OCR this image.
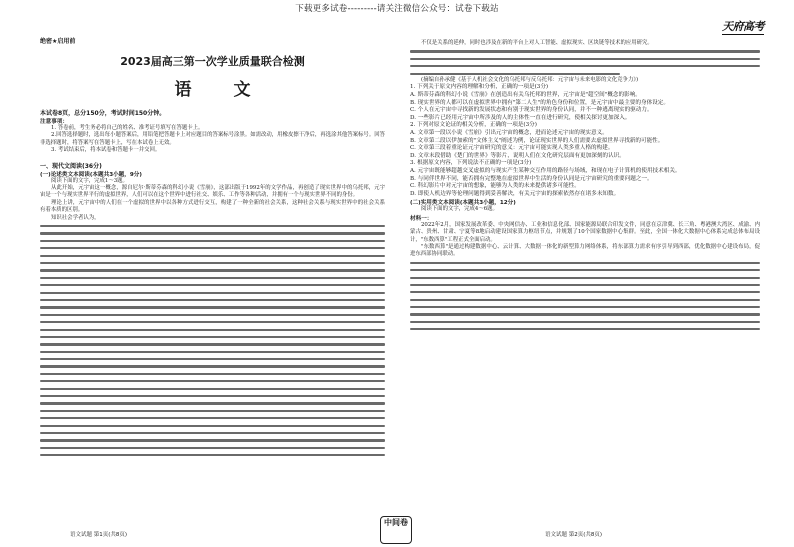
下载更多试卷---------请关注微信公众号：试卷下载站
天府高考
绝密★启用前
2023届高三第一次学业质量联合检测
语 文
本试卷8页，总分150分，考试时间150分钟。
注意事项：

1. 答卷前，考生务必将自己的姓名、准考证号填写在答题卡上。

2.回答选择题时，选出每小题答案后，用铅笔把答题卡上对应题目的答案标号涂黑。如需改动，用橡皮擦干净后，再选涂其他答案标号。回答非选择题时，将答案写在答题卡上，写在本试卷上无效。

3. 考试结束后，将本试卷和答题卡一并交回。

一、现代文阅读(36分)
(一)论述类文本阅读(本题共3小题，9分)

阅读下面的文字，完成1～3题。

从此开始，元宇宙这一概念，源自尼尔·斯蒂芬森的科幻小说《雪崩》，这部出版于1992年的文学作品，再创造了现实世界中的乌托邦，元宇宙是一个与现实世界平行的虚拟世界，人们可以在这个世界中进行社交、娱乐、工作等各种活动，并拥有一个与现实世界不同的身份。

理论上讲，元宇宙中的人们在一个虚拟的世界中以各种方式进行交互，构建了一种全新的社会关系，这种社会关系与现实世界中的社会关系有着本质的区别。

知识社会学者认为，

不仅是关系的延伸，同时也涉及在新的平台上对人工智能、虚拟现实、区块链等技术的应用研究。

(摘编自孙承健《基于人机社会文化的乌托邦与反乌托邦：元宇宙与未来电影的文化竞争力》)

1. 下列关于原文内容的理解和分析，正确的一项是(3分)

A. 斯蒂芬森的科幻小说《雪崩》在创造出有关乌托邦的世界，元宇宙是"超空间"概念的影响。

B. 现实世界的人都可以在虚拟世界中拥有"第二人生"的角色身份和位置，是元宇宙中最主要的身体设定。

C. 个人在元宇宙中寻找新的发展状态和有别于现实世界的身份认同，并不一种逃离现实的驱动力。

D. 一些影片已经用元宇宙中所涉及的人的主体性一直在进行研究，使相关探讨更加深入。

2. 下列对原文论证的相关分析，正确的一项是(3分)

A. 文章第一段以小说《雪崩》引出元宇宙的概念，进而论述元宇宙的现实意义。

B. 文章第二段以伊加索的"文体主义"阐述为例，论证现实世界的人们需要去虚拟世界寻找新的可能性。

C. 文章第三段着重论证元宇宙研究的意义：元宇宙可能实现人类多重人格的构建。

D. 文章末段借助《楚门的世界》等影片，说明人们在文化研究层面有更加深刻的认识。

3. 根据原文内容，下列说法不正确的一项是(3分)

A. 元宇宙既能够超越交叉虚拟的与现实产生某种交互作用的路径与场域，和现在电子计算机的使用技术相关。

B. 与同伴世界不同，能否拥有完整地在虚拟世界中生活的身份认同是元宇宙研究的重要问题之一。

C. 科幻影片中对元宇宙的想象，能够为人类的未来提供诸多可能性。

D. 即使人机边界等伦理问题得到妥善解决，有关元宇宙的探索依然存在诸多未知数。

(二)实用类文本阅读(本题共3小题，12分)

阅读下面的文字，完成4～6题。

材料一：

2022年2月，国家发展改革委、中央网信办、工业和信息化部、国家能源局联合印发文件，同意在京津冀、长三角、粤港澳大湾区、成渝、内蒙古、贵州、甘肃、宁夏等8地启动建设国家算力枢纽节点，并规划了10个国家数据中心集群。至此，全国一体化大数据中心体系完成总体布局设计，"东数西算"工程正式全面启动。

"东数西算"是通过构建数据中心、云计算、大数据一体化的新型算力网络体系，将东部算力需求有序引导到西部，优化数据中心建设布局，促进东西部协同联动。

语文试题 第1页(共8页)
中间卷
语文试题 第2页(共8页)
